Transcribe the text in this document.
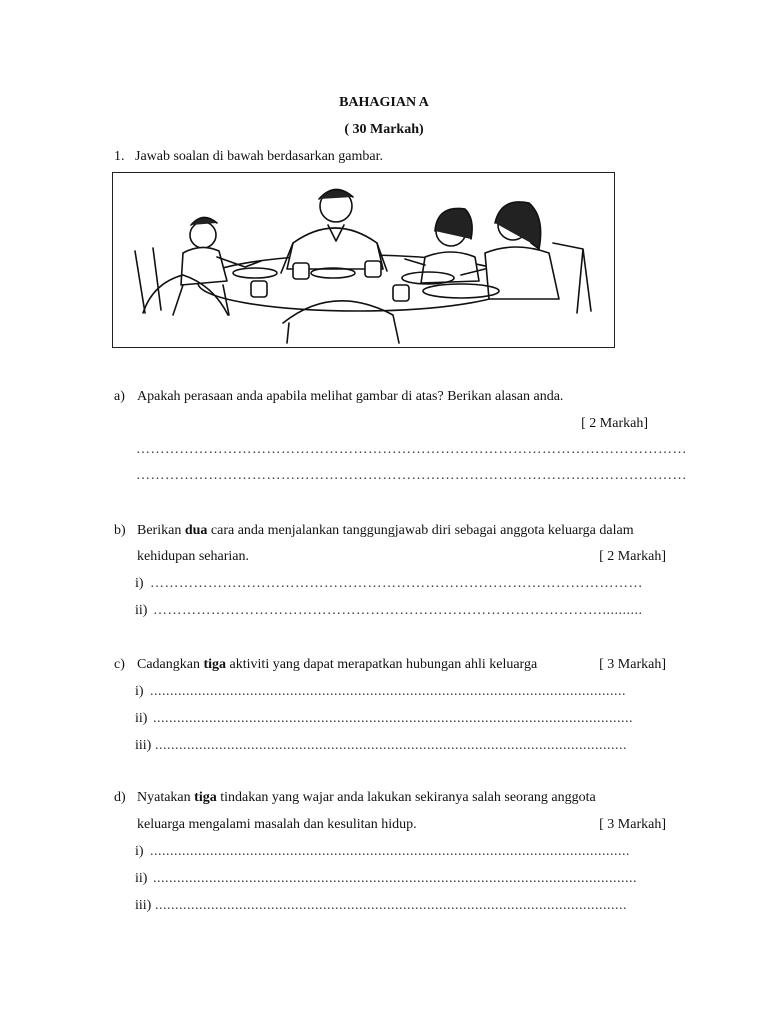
BAHAGIAN A
( 30 Markah)
1. Jawab soalan di bawah berdasarkan gambar.
a) Apakah perasaan anda apabila melihat gambar di atas? Berikan alasan anda.
[ 2 Markah]
……………………………………………………………………………………………………
……………………………………………………………………………………………………
b) Berikan dua cara anda menjalankan tanggungjawab diri sebagai anggota keluarga dalam
kehidupan seharian.	[ 2 Markah]
i) …………………………………………………………………………………………
ii) …………………………………………………………………………………..........
c) Cadangkan tiga aktiviti yang dapat merapatkan hubungan ahli keluarga	[ 3 Markah]
i) .......................................................................................................................
ii) ........................................................................................................................
iii) ......................................................................................................................
d) Nyatakan tiga tindakan yang wajar anda lakukan sekiranya salah seorang anggota
keluarga mengalami masalah dan kesulitan hidup.	[ 3 Markah]
i) ........................................................................................................................
ii) .........................................................................................................................
iii) ......................................................................................................................
